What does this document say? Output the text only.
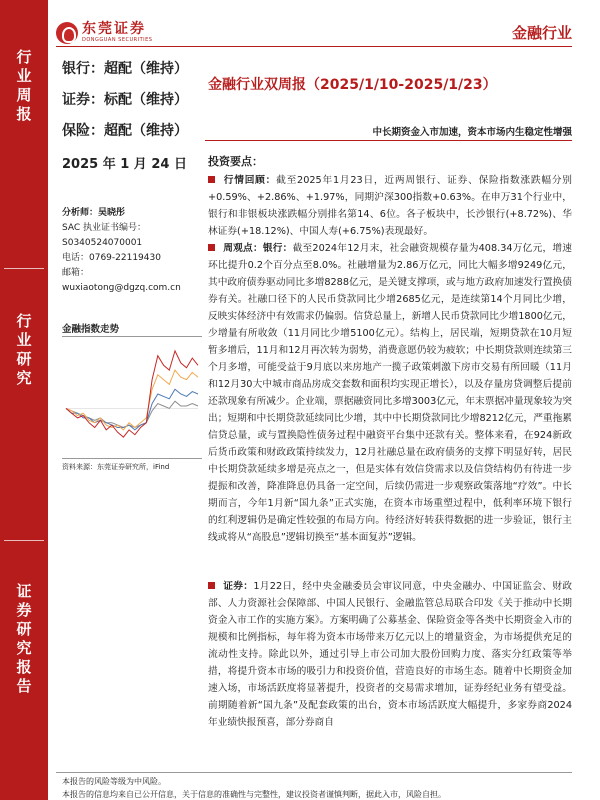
行
业
周
报
行
业
研
究
证
券
研
究
报
告
东莞证券
DONGGUAN SECURITIES	金融行业
银行：超配（维持）
证券：标配（维持）
保险：超配（维持）
2025 年 1 月 24 日
分析师：吴晓彤
SAC 执业证书编号：
S0340524070001
电话：0769-22119430
邮箱：
wuxiaotong@dgzq.com.cn
金融指数走势
资料来源：东莞证券研究所，iFind
金融行业双周报（2025/1/10-2025/1/23）
中长期资金入市加速，资本市场内生稳定性增强
投资要点：
行情回顾：截至2025年1月23日，近两周银行、证券、保险指数涨跌幅分别+0.59%、+2.86%、+1.97%，同期沪深300指数+0.63%。在申万31个行业中，银行和非银板块涨跌幅分别排名第14、6位。各子板块中，长沙银行(+8.72%)、华林证券(+18.12%)、中国人寿(+6.75%)表现最好。
周观点：银行：截至2024年12月末，社会融资规模存量为408.34万亿元，增速环比提升0.2个百分点至8.0%。社融增量为2.86万亿元，同比大幅多增9249亿元，其中政府债券驱动同比多增8288亿元，是关键支撑项，或与地方政府加速发行置换债券有关。社融口径下的人民币贷款同比少增2685亿元，是连续第14个月同比少增，反映实体经济中有效需求仍偏弱。信贷总量上，新增人民币贷款同比少增1800亿元，少增量有所收敛（11月同比少增5100亿元）。结构上，居民端，短期贷款在10月短暂多增后，11月和12月再次转为弱势，消费意愿仍较为疲软；中长期贷款则连续第三个月多增，可能受益于9月底以来房地产一揽子政策刺激下房市交易有所回暖（11月和12月30大中城市商品房成交套数和面积均实现正增长），以及存量房贷调整后提前还款现象有所减少。企业端，票据融资同比多增3003亿元，年末票据冲量现象较为突出；短期和中长期贷款延续同比少增，其中中长期贷款同比少增8212亿元，严重拖累信贷总量，或与置换隐性债务过程中融资平台集中还款有关。整体来看，在924新政后货币政策和财政政策持续发力，12月社融总量在政府债务的支撑下明显好转，居民中长期贷款延续多增是亮点之一，但是实体有效信贷需求以及信贷结构仍有待进一步提振和改善，降准降息仍具备一定空间，后续仍需进一步观察政策落地“疗效”。中长期而言，今年1月新“国九条”正式实施，在资本市场重塑过程中，低利率环境下银行的红利逻辑仍是确定性较强的布局方向。待经济好转获得数据的进一步验证，银行主线或将从“高股息”逻辑切换至“基本面复苏”逻辑。
证券：1月22日，经中央金融委员会审议同意，中央金融办、中国证监会、财政部、人力资源社会保障部、中国人民银行、金融监管总局联合印发《关于推动中长期资金入市工作的实施方案》。方案明确了公募基金、保险资金等各类中长期资金入市的规模和比例指标，每年将为资本市场带来万亿元以上的增量资金，为市场提供充足的流动性支持。除此以外，通过引导上市公司加大股份回购力度、落实分红政策等举措，将提升资本市场的吸引力和投资价值，营造良好的市场生态。随着中长期资金加速入场，市场活跃度将显著提升，投资者的交易需求增加，证券经纪业务有望受益。前期随着新“国九条”及配套政策的出台，资本市场活跃度大幅提升，多家券商2024年业绩快报预喜，部分券商自
本报告的风险等级为中风险。
本报告的信息均来自已公开信息，关于信息的准确性与完整性，建议投资者谨慎判断，据此入市，风险自担。
